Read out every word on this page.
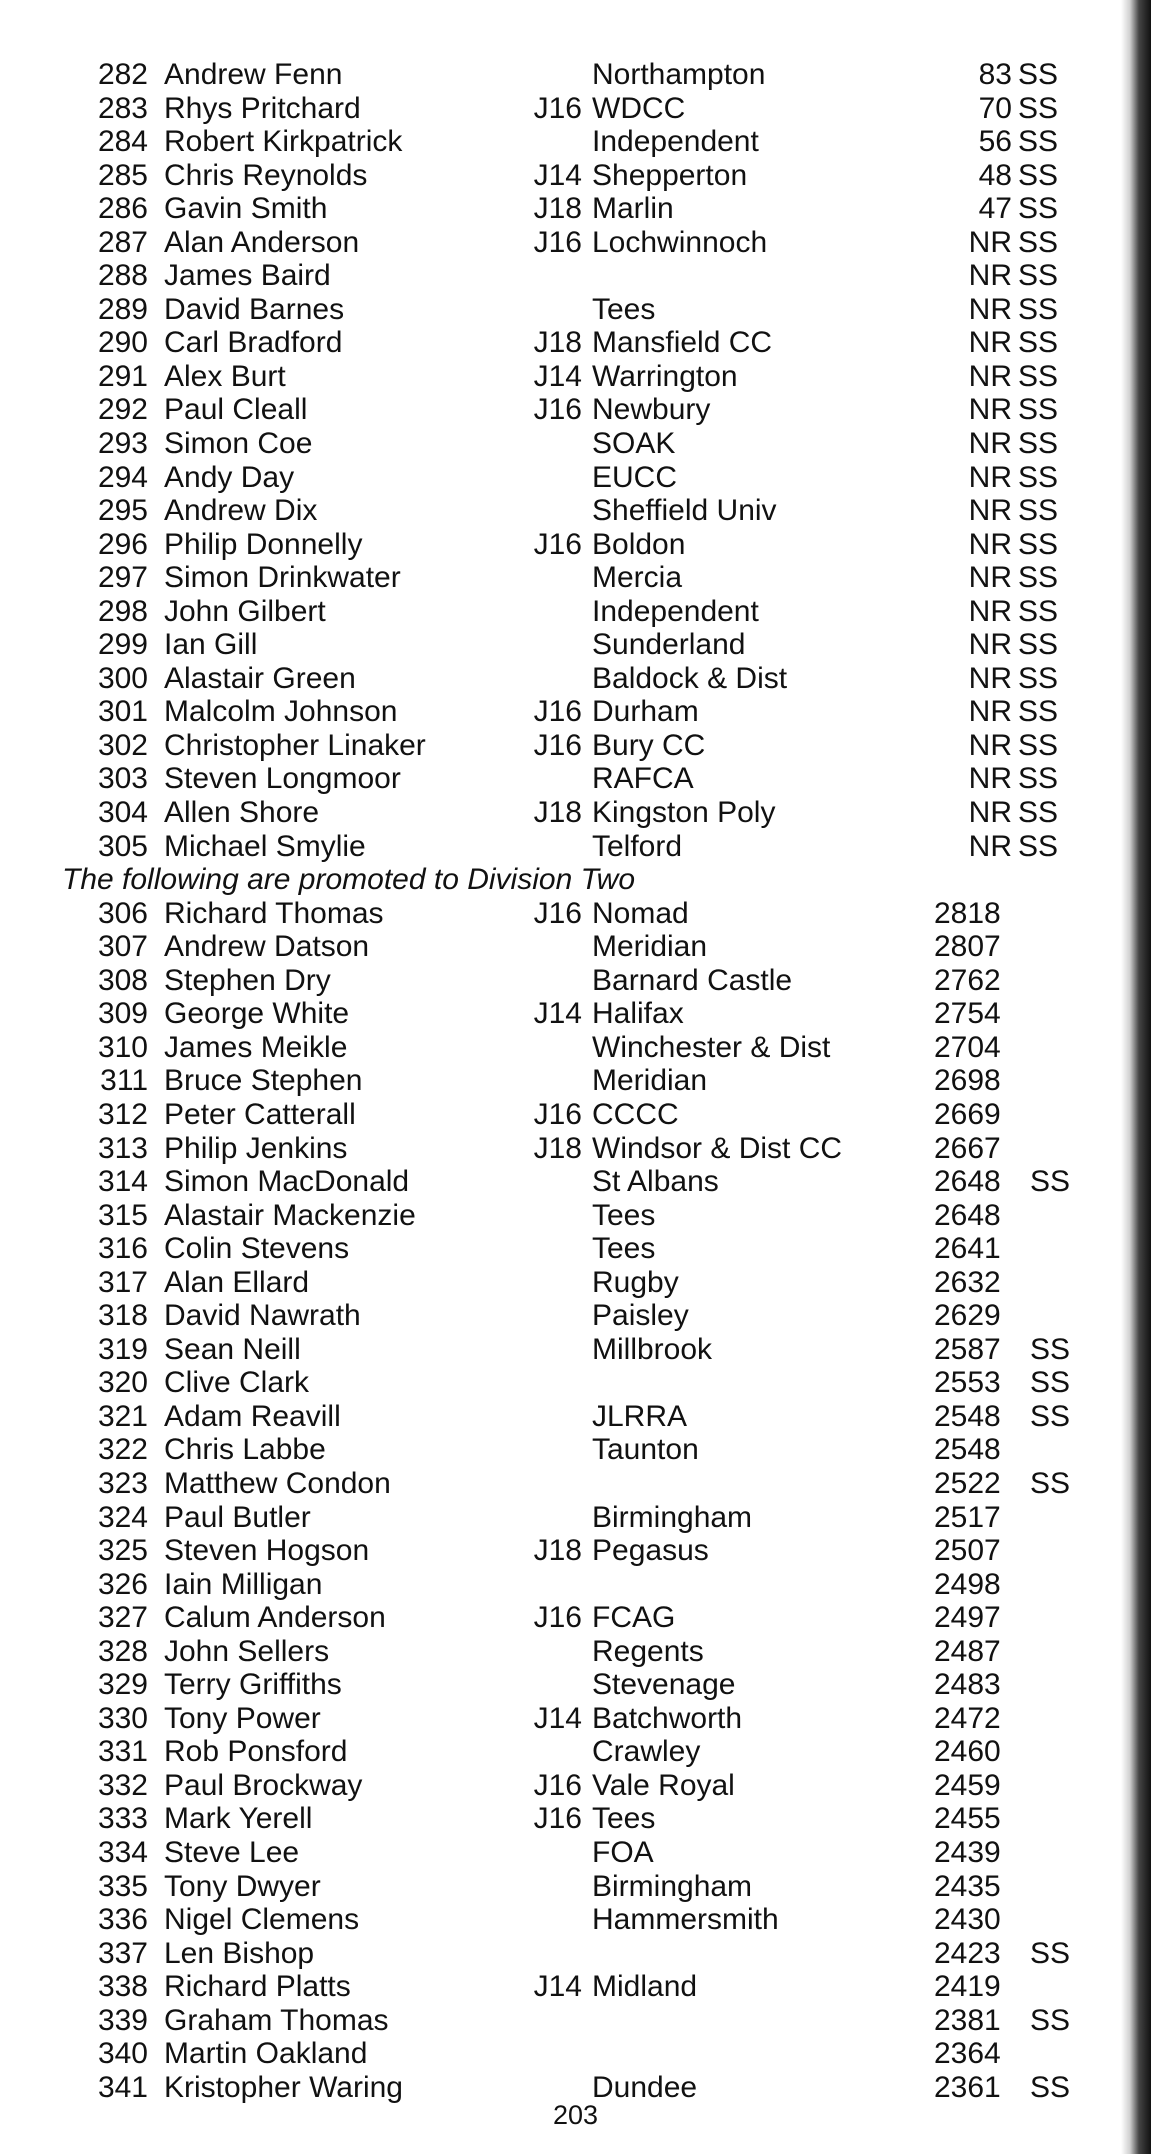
282 Andrew Fenn	Northampton	83 SS
283 Rhys Pritchard	J16 WDCC	70 SS
284 Robert Kirkpatrick	Independent	56 SS
285 Chris Reynolds	J14 Shepperton	48 SS
286 Gavin Smith	J18 Marlin	47 SS
287 Alan Anderson	J16 Lochwinnoch	NR SS
288 James Baird	NR SS
289 David Barnes	Tees	NR SS
290 Carl Bradford	J18 Mansfield CC	NR SS
291 Alex Burt	J14 Warrington	NR SS
292 Paul Cleall	J16 Newbury	NR SS
293 Simon Coe	SOAK	NR SS
294 Andy Day	EUCC	NR SS
295 Andrew Dix	Sheffield Univ	NR SS
296 Philip Donnelly	J16 Boldon	NR SS
297 Simon Drinkwater	Mercia	NR SS
298 John Gilbert	Independent	NR SS
299 Ian Gill	Sunderland	NR SS
300 Alastair Green	Baldock & Dist	NR SS
301 Malcolm Johnson	J16 Durham	NR SS
302 Christopher Linaker	J16 Bury CC	NR SS
303 Steven Longmoor	RAFCA	NR SS
304 Allen Shore	J18 Kingston Poly	NR SS
305 Michael Smylie	Telford	NR SS
The following are promoted to Division Two
306 Richard Thomas	J16 Nomad	2818
307 Andrew Datson	Meridian	2807
308 Stephen Dry	Barnard Castle	2762
309 George White	J14 Halifax	2754
310 James Meikle	Winchester & Dist	2704
311 Bruce Stephen	Meridian	2698
312 Peter Catterall	J16 CCCC	2669
313 Philip Jenkins	J18 Windsor & Dist CC	2667
314 Simon MacDonald	St Albans	2648 SS
315 Alastair Mackenzie	Tees	2648
316 Colin Stevens	Tees	2641
317 Alan Ellard	Rugby	2632
318 David Nawrath	Paisley	2629
319 Sean Neill	Millbrook	2587 SS
320 Clive Clark	2553 SS
321 Adam Reavill	JLRRA	2548 SS
322 Chris Labbe	Taunton	2548
323 Matthew Condon	2522 SS
324 Paul Butler	Birmingham	2517
325 Steven Hogson	J18 Pegasus	2507
326 Iain Milligan	2498
327 Calum Anderson	J16 FCAG	2497
328 John Sellers	Regents	2487
329 Terry Griffiths	Stevenage	2483
330 Tony Power	J14 Batchworth	2472
331 Rob Ponsford	Crawley	2460
332 Paul Brockway	J16 Vale Royal	2459
333 Mark Yerell	J16 Tees	2455
334 Steve Lee	FOA	2439
335 Tony Dwyer	Birmingham	2435
336 Nigel Clemens	Hammersmith	2430
337 Len Bishop	2423 SS
338 Richard Platts	J14 Midland	2419
339 Graham Thomas	2381 SS
340 Martin Oakland	2364
341 Kristopher Waring	Dundee	2361 SS
203
